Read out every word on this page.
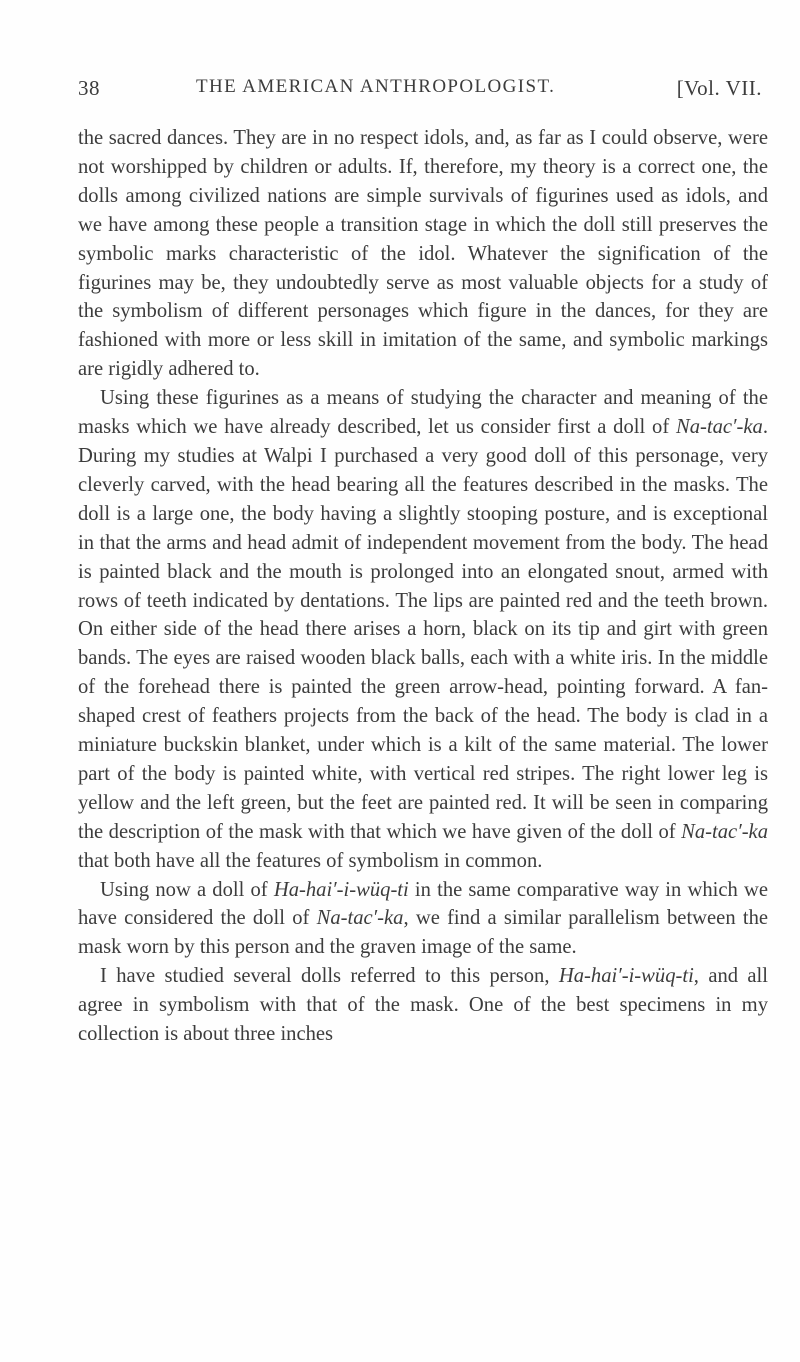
38	THE AMERICAN ANTHROPOLOGIST.	[Vol. VII.

the sacred dances. They are in no respect idols, and, as far as I could observe, were not worshipped by children or adults. If, therefore, my theory is a correct one, the dolls among civilized nations are simple survivals of figurines used as idols, and we have among these people a transition stage in which the doll still preserves the symbolic marks characteristic of the idol. Whatever the signification of the figurines may be, they undoubtedly serve as most valuable objects for a study of the symbolism of different personages which figure in the dances, for they are fashioned with more or less skill in imitation of the same, and symbolic markings are rigidly adhered to.

Using these figurines as a means of studying the character and meaning of the masks which we have already described, let us consider first a doll of Na-tac′-ka. During my studies at Walpi I purchased a very good doll of this personage, very cleverly carved, with the head bearing all the features described in the masks. The doll is a large one, the body having a slightly stooping posture, and is exceptional in that the arms and head admit of independent movement from the body. The head is painted black and the mouth is prolonged into an elongated snout, armed with rows of teeth indicated by dentations. The lips are painted red and the teeth brown. On either side of the head there arises a horn, black on its tip and girt with green bands. The eyes are raised wooden black balls, each with a white iris. In the middle of the forehead there is painted the green arrow-head, pointing forward. A fan-shaped crest of feathers projects from the back of the head. The body is clad in a miniature buckskin blanket, under which is a kilt of the same material. The lower part of the body is painted white, with vertical red stripes. The right lower leg is yellow and the left green, but the feet are painted red. It will be seen in comparing the description of the mask with that which we have given of the doll of Na-tac′-ka that both have all the features of symbolism in common.

Using now a doll of Ha-hai′-i-wüq-ti in the same comparative way in which we have considered the doll of Na-tac′-ka, we find a similar parallelism between the mask worn by this person and the graven image of the same.

I have studied several dolls referred to this person, Ha-hai′-i-wüq-ti, and all agree in symbolism with that of the mask. One of the best specimens in my collection is about three inches
